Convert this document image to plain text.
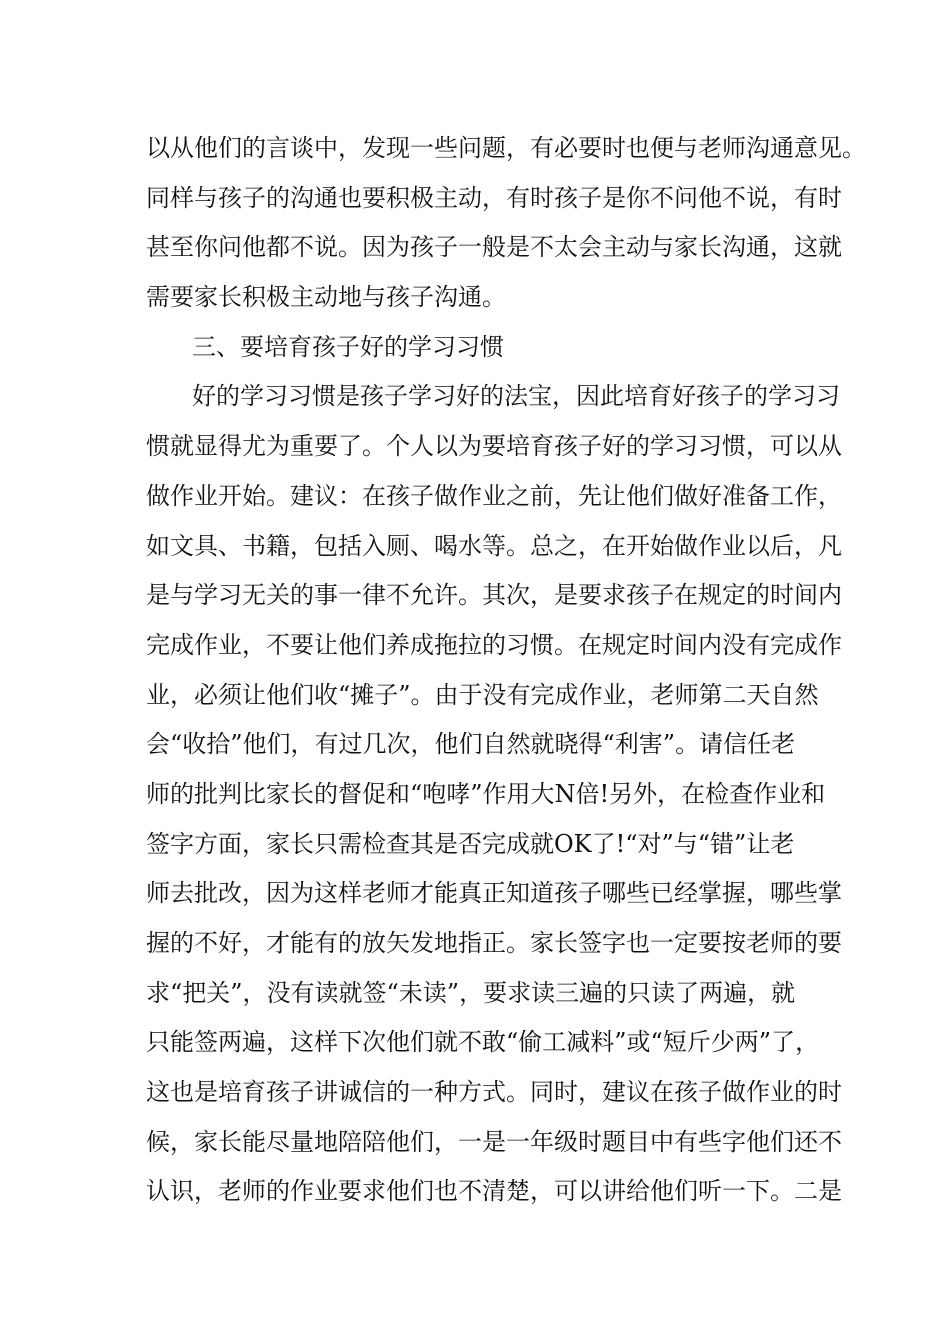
以从他们的言谈中，发现一些问题，有必要时也便与老师沟通意见。
同样与孩子的沟通也要积极主动，有时孩子是你不问他不说，有时
甚至你问他都不说。因为孩子一般是不太会主动与家长沟通，这就
需要家长积极主动地与孩子沟通。
三、要培育孩子好的学习习惯
好的学习习惯是孩子学习好的法宝，因此培育好孩子的学习习
惯就显得尤为重要了。个人以为要培育孩子好的学习习惯，可以从
做作业开始。建议：在孩子做作业之前，先让他们做好准备工作，
如文具、书籍，包括入厕、喝水等。总之，在开始做作业以后，凡
是与学习无关的事一律不允许。其次，是要求孩子在规定的时间内
完成作业，不要让他们养成拖拉的习惯。在规定时间内没有完成作
业，必须让他们收“摊子”。由于没有完成作业，老师第二天自然
会“收拾”他们，有过几次，他们自然就晓得“利害”。请信任老
师的批判比家长的督促和“咆哮”作用大N倍!另外，在检查作业和
签字方面，家长只需检查其是否完成就OK了!“对”与“错”让老
师去批改，因为这样老师才能真正知道孩子哪些已经掌握，哪些掌
握的不好，才能有的放矢发地指正。家长签字也一定要按老师的要
求“把关”，没有读就签“未读”，要求读三遍的只读了两遍，就
只能签两遍，这样下次他们就不敢“偷工减料”或“短斤少两”了，
这也是培育孩子讲诚信的一种方式。同时，建议在孩子做作业的时
候，家长能尽量地陪陪他们，一是一年级时题目中有些字他们还不
认识，老师的作业要求他们也不清楚，可以讲给他们听一下。二是
